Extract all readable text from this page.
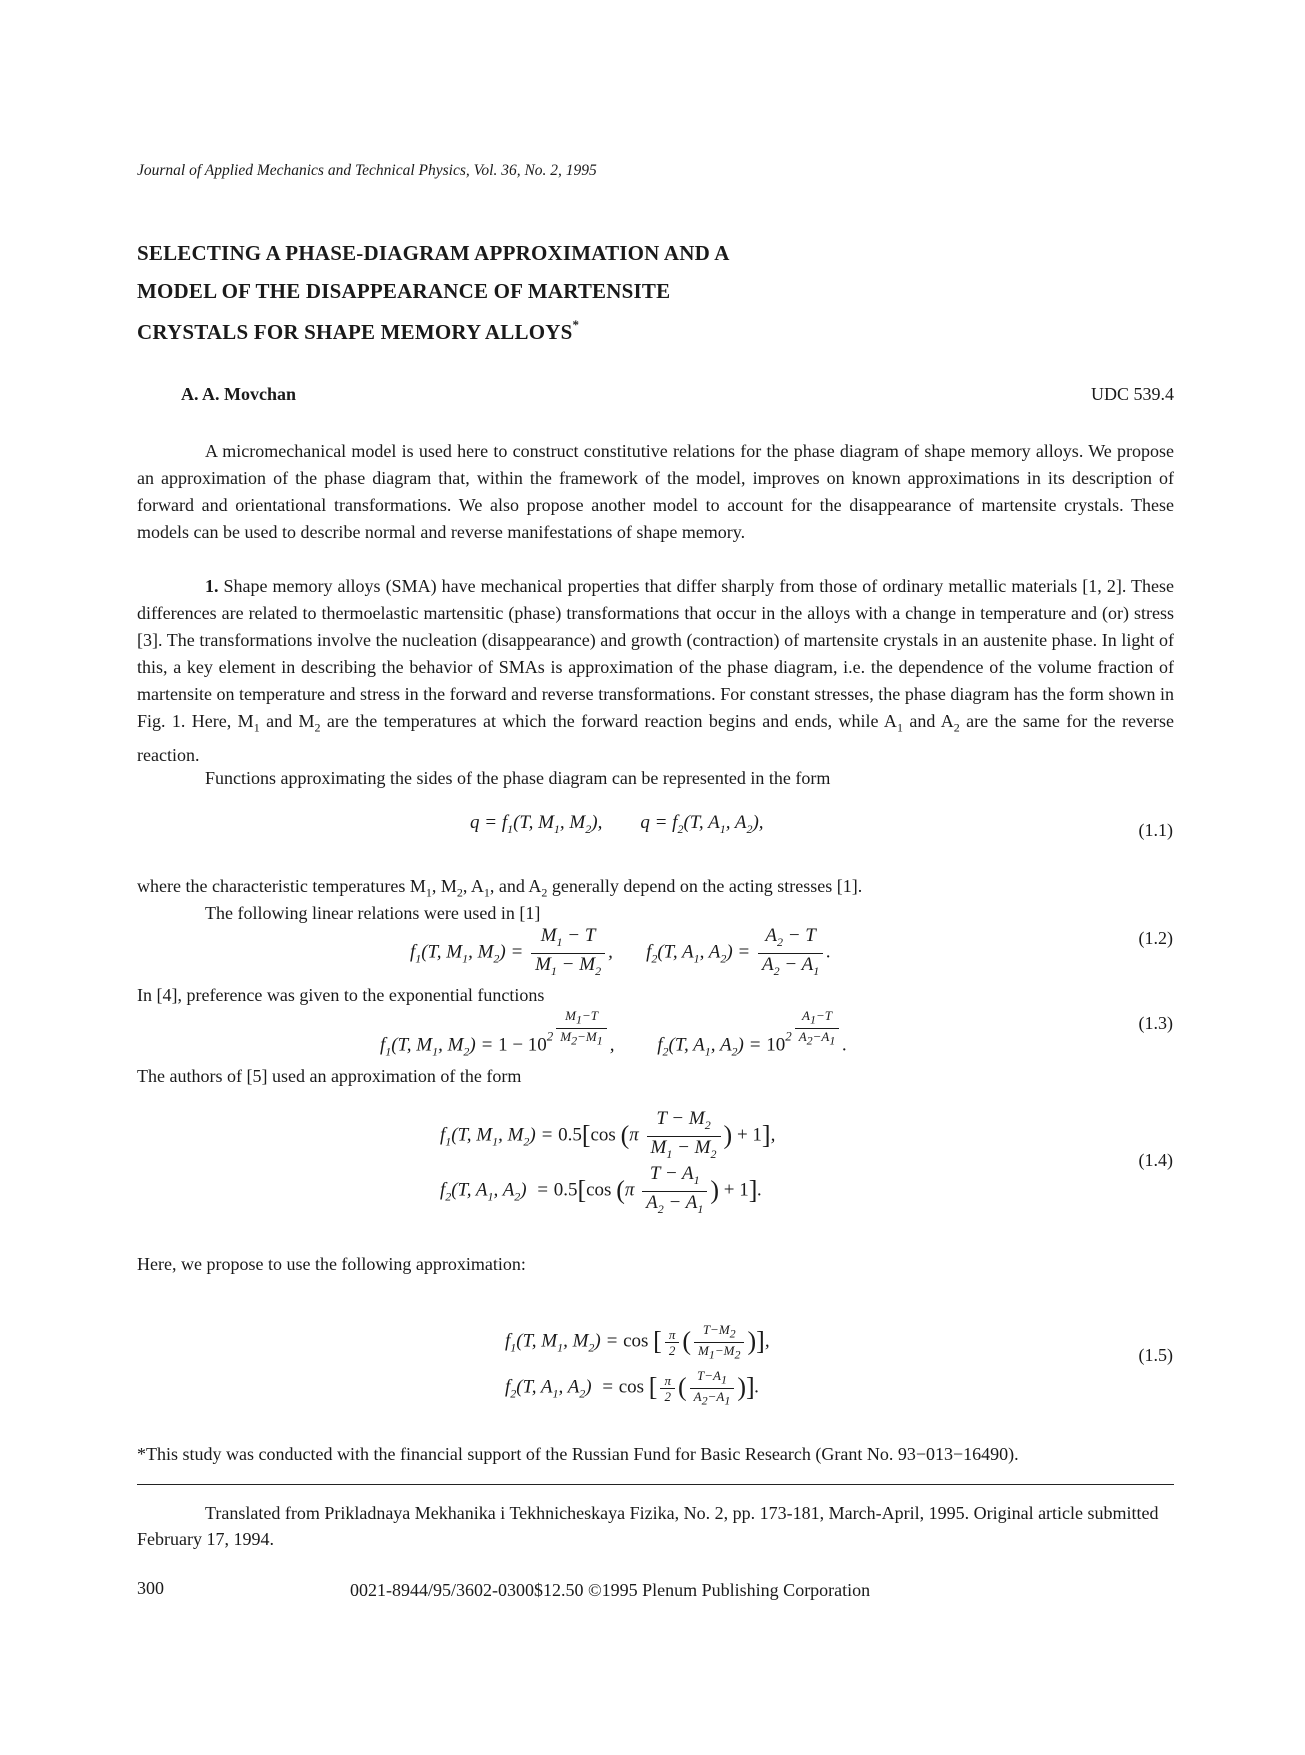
Journal of Applied Mechanics and Technical Physics, Vol. 36, No. 2, 1995
SELECTING A PHASE-DIAGRAM APPROXIMATION AND A
MODEL OF THE DISAPPEARANCE OF MARTENSITE
CRYSTALS FOR SHAPE MEMORY ALLOYS*
A. A. Movchan	UDC 539.4

A micromechanical model is used here to construct constitutive relations for the phase diagram of shape memory alloys. We propose an approximation of the phase diagram that, within the framework of the model, improves on known approximations in its description of forward and orientational transformations. We also propose another model to account for the disappearance of martensite crystals. These models can be used to describe normal and reverse manifestations of shape memory.

1. Shape memory alloys (SMA) have mechanical properties that differ sharply from those of ordinary metallic materials [1, 2]. These differences are related to thermoelastic martensitic (phase) transformations that occur in the alloys with a change in temperature and (or) stress [3]. The transformations involve the nucleation (disappearance) and growth (contraction) of martensite crystals in an austenite phase. In light of this, a key element in describing the behavior of SMAs is approximation of the phase diagram, i.e. the dependence of the volume fraction of martensite on temperature and stress in the forward and reverse transformations. For constant stresses, the phase diagram has the form shown in Fig. 1. Here, $M_1$ and $M_2$ are the temperatures at which the forward reaction begins and ends, while $A_1$ and $A_2$ are the same for the reverse reaction.

Functions approximating the sides of the phase diagram can be represented in the form
$q = f_1(T$, $M_1$, $M_2$),        $q = f_2(T$, $A_1$, $A_2$),	(1.1)
where the characteristic temperatures $M_1$, $M_2$, $A_1$, and $A_2$ generally depend on the acting stresses [1].
The following linear relations were used in [1]
$f_1(T$, $M_1$, $M_2) = \frac{M_1 - T}{M_1 - M_2}$ ,       $f_2(T$, $A_1$, $A_2) = \frac{A_2 - T}{A_2 - A_1}$ .
(1.2)
In [4], preference was given to the exponential functions
$f_1(T$, $M_1$, $M_2) = 1 - 10^2 \frac{M_1-T}{M_2-M_1}$ ,         $f_2(T$, $A_1$, $A_2) = 10^2 \frac{A_1-T}{A_2-A_1}$ .
(1.3)
The authors of [5] used an approximation of the form
$f_1(T$, $M_1$, $M_2) = 0.5[\cos$ ($\pi \frac{T - M_2}{M_1 - M_2}$ ) + 1],
$f_2(T$, $A_1$, $A_2) = 0.5[\cos$ ($\pi \frac{T - A_1}{A_2 - A_1}$ ) + 1].
(1.4)
Here, we propose to use the following approximation:
$f_1(T$, $M_1$, $M_2) = \cos$ [ $\frac{\pi}{2}$ ( $\frac{T-M_2}{M_1-M_2}$ )],
$f_2(T$, $A_1$, $A_2) = \cos$ [ $\frac{\pi}{2}$ ( $\frac{T-A_1}{A_2-A_1}$ )].
(1.5)
*This study was conducted with the financial support of the Russian Fund for Basic Research (Grant No. 93−013−16490).

Translated from Prikladnaya Mekhanika i Tekhnicheskaya Fizika, No. 2, pp. 173-181, March-April, 1995. Original article submitted February 17, 1994.

300	0021-8944/95/3602-0300$12.50 ©1995 Plenum Publishing Corporation
